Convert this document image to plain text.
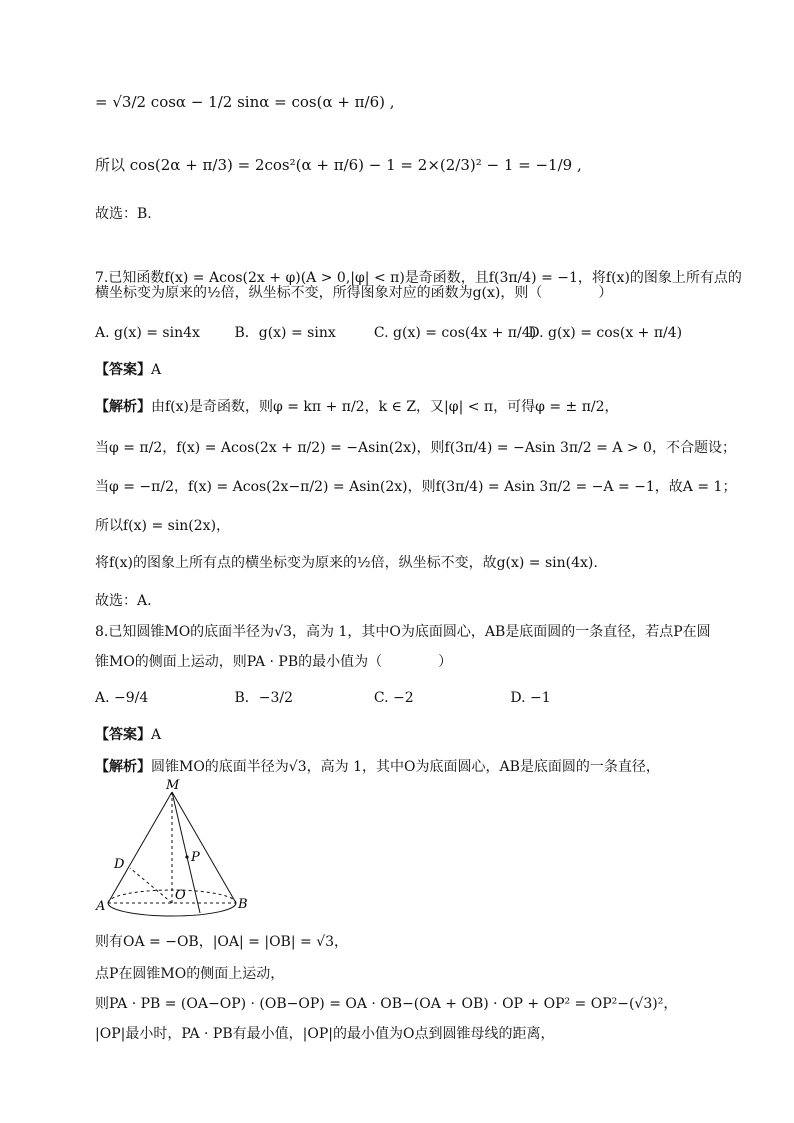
= √3/2 cosα − 1/2 sinα = cos(α + π/6) ,
所以 cos(2α + π/3) = 2cos²(α + π/6) − 1 = 2×(2/3)² − 1 = −1/9 ,
故选：B.
7.已知函数f(x) = Acos(2x + φ)(A > 0,|φ| < π)是奇函数，且f(3π/4) = −1，将f(x)的图象上所有点的
横坐标变为原来的½倍，纵坐标不变，所得图象对应的函数为g(x)，则（　　　　）
A. g(x) = sin4x B．g(x) = sinx	C. g(x) = cos(4x + π/4) D. g(x) = cos(x + π/4)
【答案】A
【解析】由f(x)是奇函数，则φ = kπ + π/2，k ∈ Z，又|φ| < π，可得φ = ± π/2，
当φ = π/2，f(x) = Acos(2x + π/2) = −Asin(2x)，则f(3π/4) = −Asin 3π/2 = A > 0，不合题设；
当φ = −π/2，f(x) = Acos(2x−π/2) = Asin(2x)，则f(3π/4) = Asin 3π/2 = −A = −1，故A = 1；
所以f(x) = sin(2x)，
将f(x)的图象上所有点的横坐标变为原来的½倍，纵坐标不变，故g(x) = sin(4x).
故选：A.
8.已知圆锥MO的底面半径为√3，高为 1，其中O为底面圆心，AB是底面圆的一条直径，若点P在圆
锥MO的侧面上运动，则PA · PB的最小值为（　　　　）
A. −9/4	B．−3/2	C. −2	D. −1
【答案】A
【解析】圆锥MO的底面半径为√3，高为 1，其中O为底面圆心，AB是底面圆的一条直径，
M
P
D
O
A	B
则有OA = −OB，|OA| = |OB| = √3，
点P在圆锥MO的侧面上运动，
则PA · PB = (OA−OP) · (OB−OP) = OA · OB−(OA + OB) · OP + OP² = OP²−(√3)²，
|OP|最小时，PA · PB有最小值，|OP|的最小值为O点到圆锥母线的距离，
